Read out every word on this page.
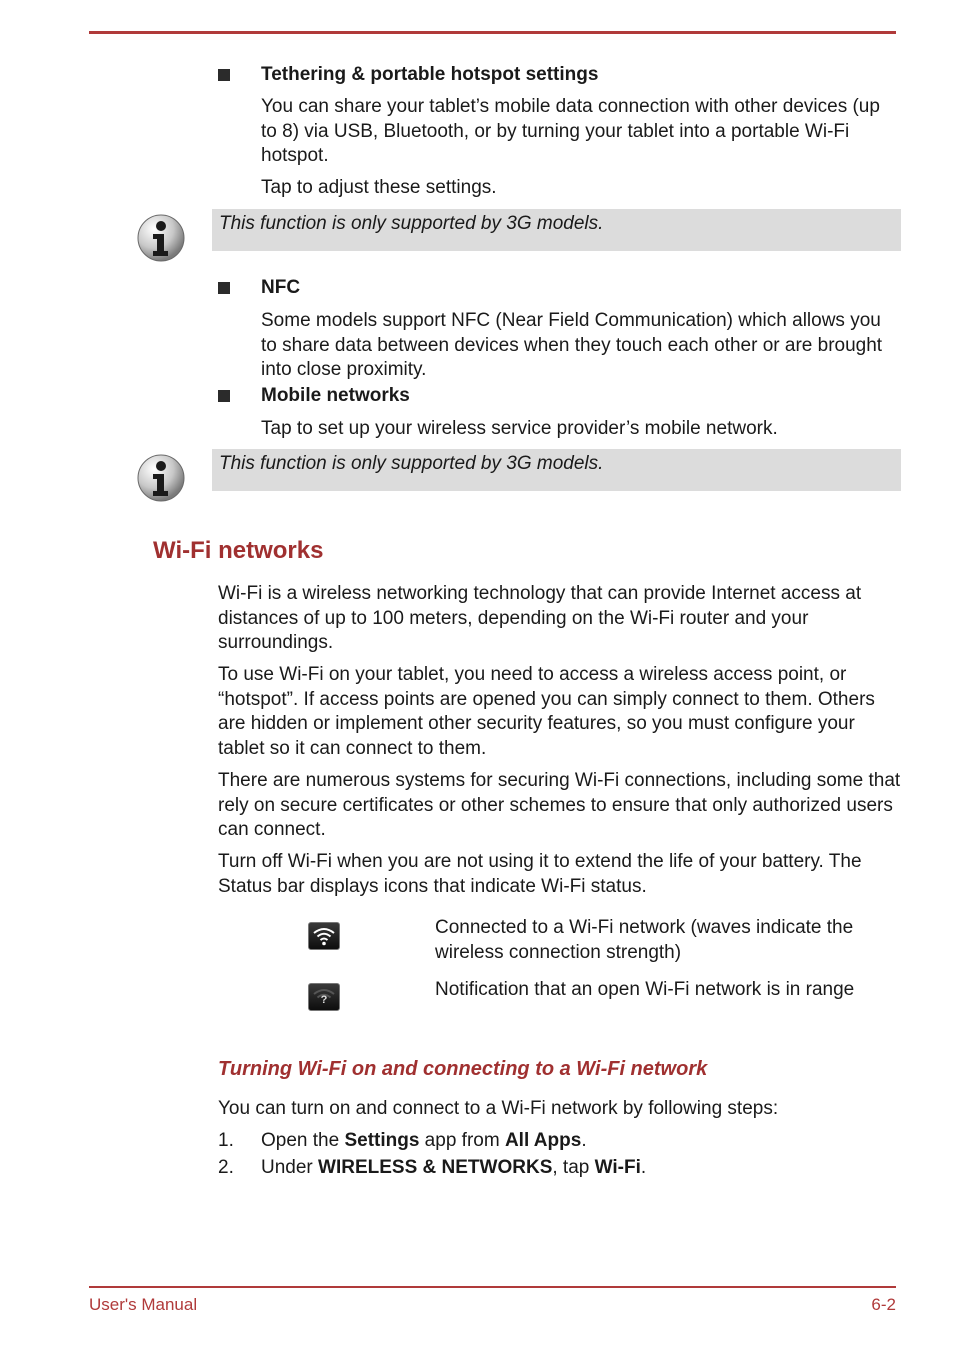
Tethering & portable hotspot settings
You can share your tablet’s mobile data connection with other devices (up to 8) via USB, Bluetooth, or by turning your tablet into a portable Wi-Fi hotspot.
Tap to adjust these settings.
This function is only supported by 3G models.
NFC
Some models support NFC (Near Field Communication) which allows you to share data between devices when they touch each other or are brought into close proximity.
Mobile networks
Tap to set up your wireless service provider’s mobile network.
This function is only supported by 3G models.
Wi-Fi networks
Wi-Fi is a wireless networking technology that can provide Internet access at distances of up to 100 meters, depending on the Wi-Fi router and your surroundings.
To use Wi-Fi on your tablet, you need to access a wireless access point, or “hotspot”. If access points are opened you can simply connect to them. Others are hidden or implement other security features, so you must configure your tablet so it can connect to them.
There are numerous systems for securing Wi-Fi connections, including some that rely on secure certificates or other schemes to ensure that only authorized users can connect.
Turn off Wi-Fi when you are not using it to extend the life of your battery. The Status bar displays icons that indicate Wi-Fi status.
Connected to a Wi-Fi network (waves indicate the wireless connection strength)
?	Notification that an open Wi-Fi network is in range
Turning Wi-Fi on and connecting to a Wi-Fi network
You can turn on and connect to a Wi-Fi network by following steps:
1. Open the Settings app from All Apps.
2. Under WIRELESS & NETWORKS, tap Wi-Fi.
User's Manual	6-2
